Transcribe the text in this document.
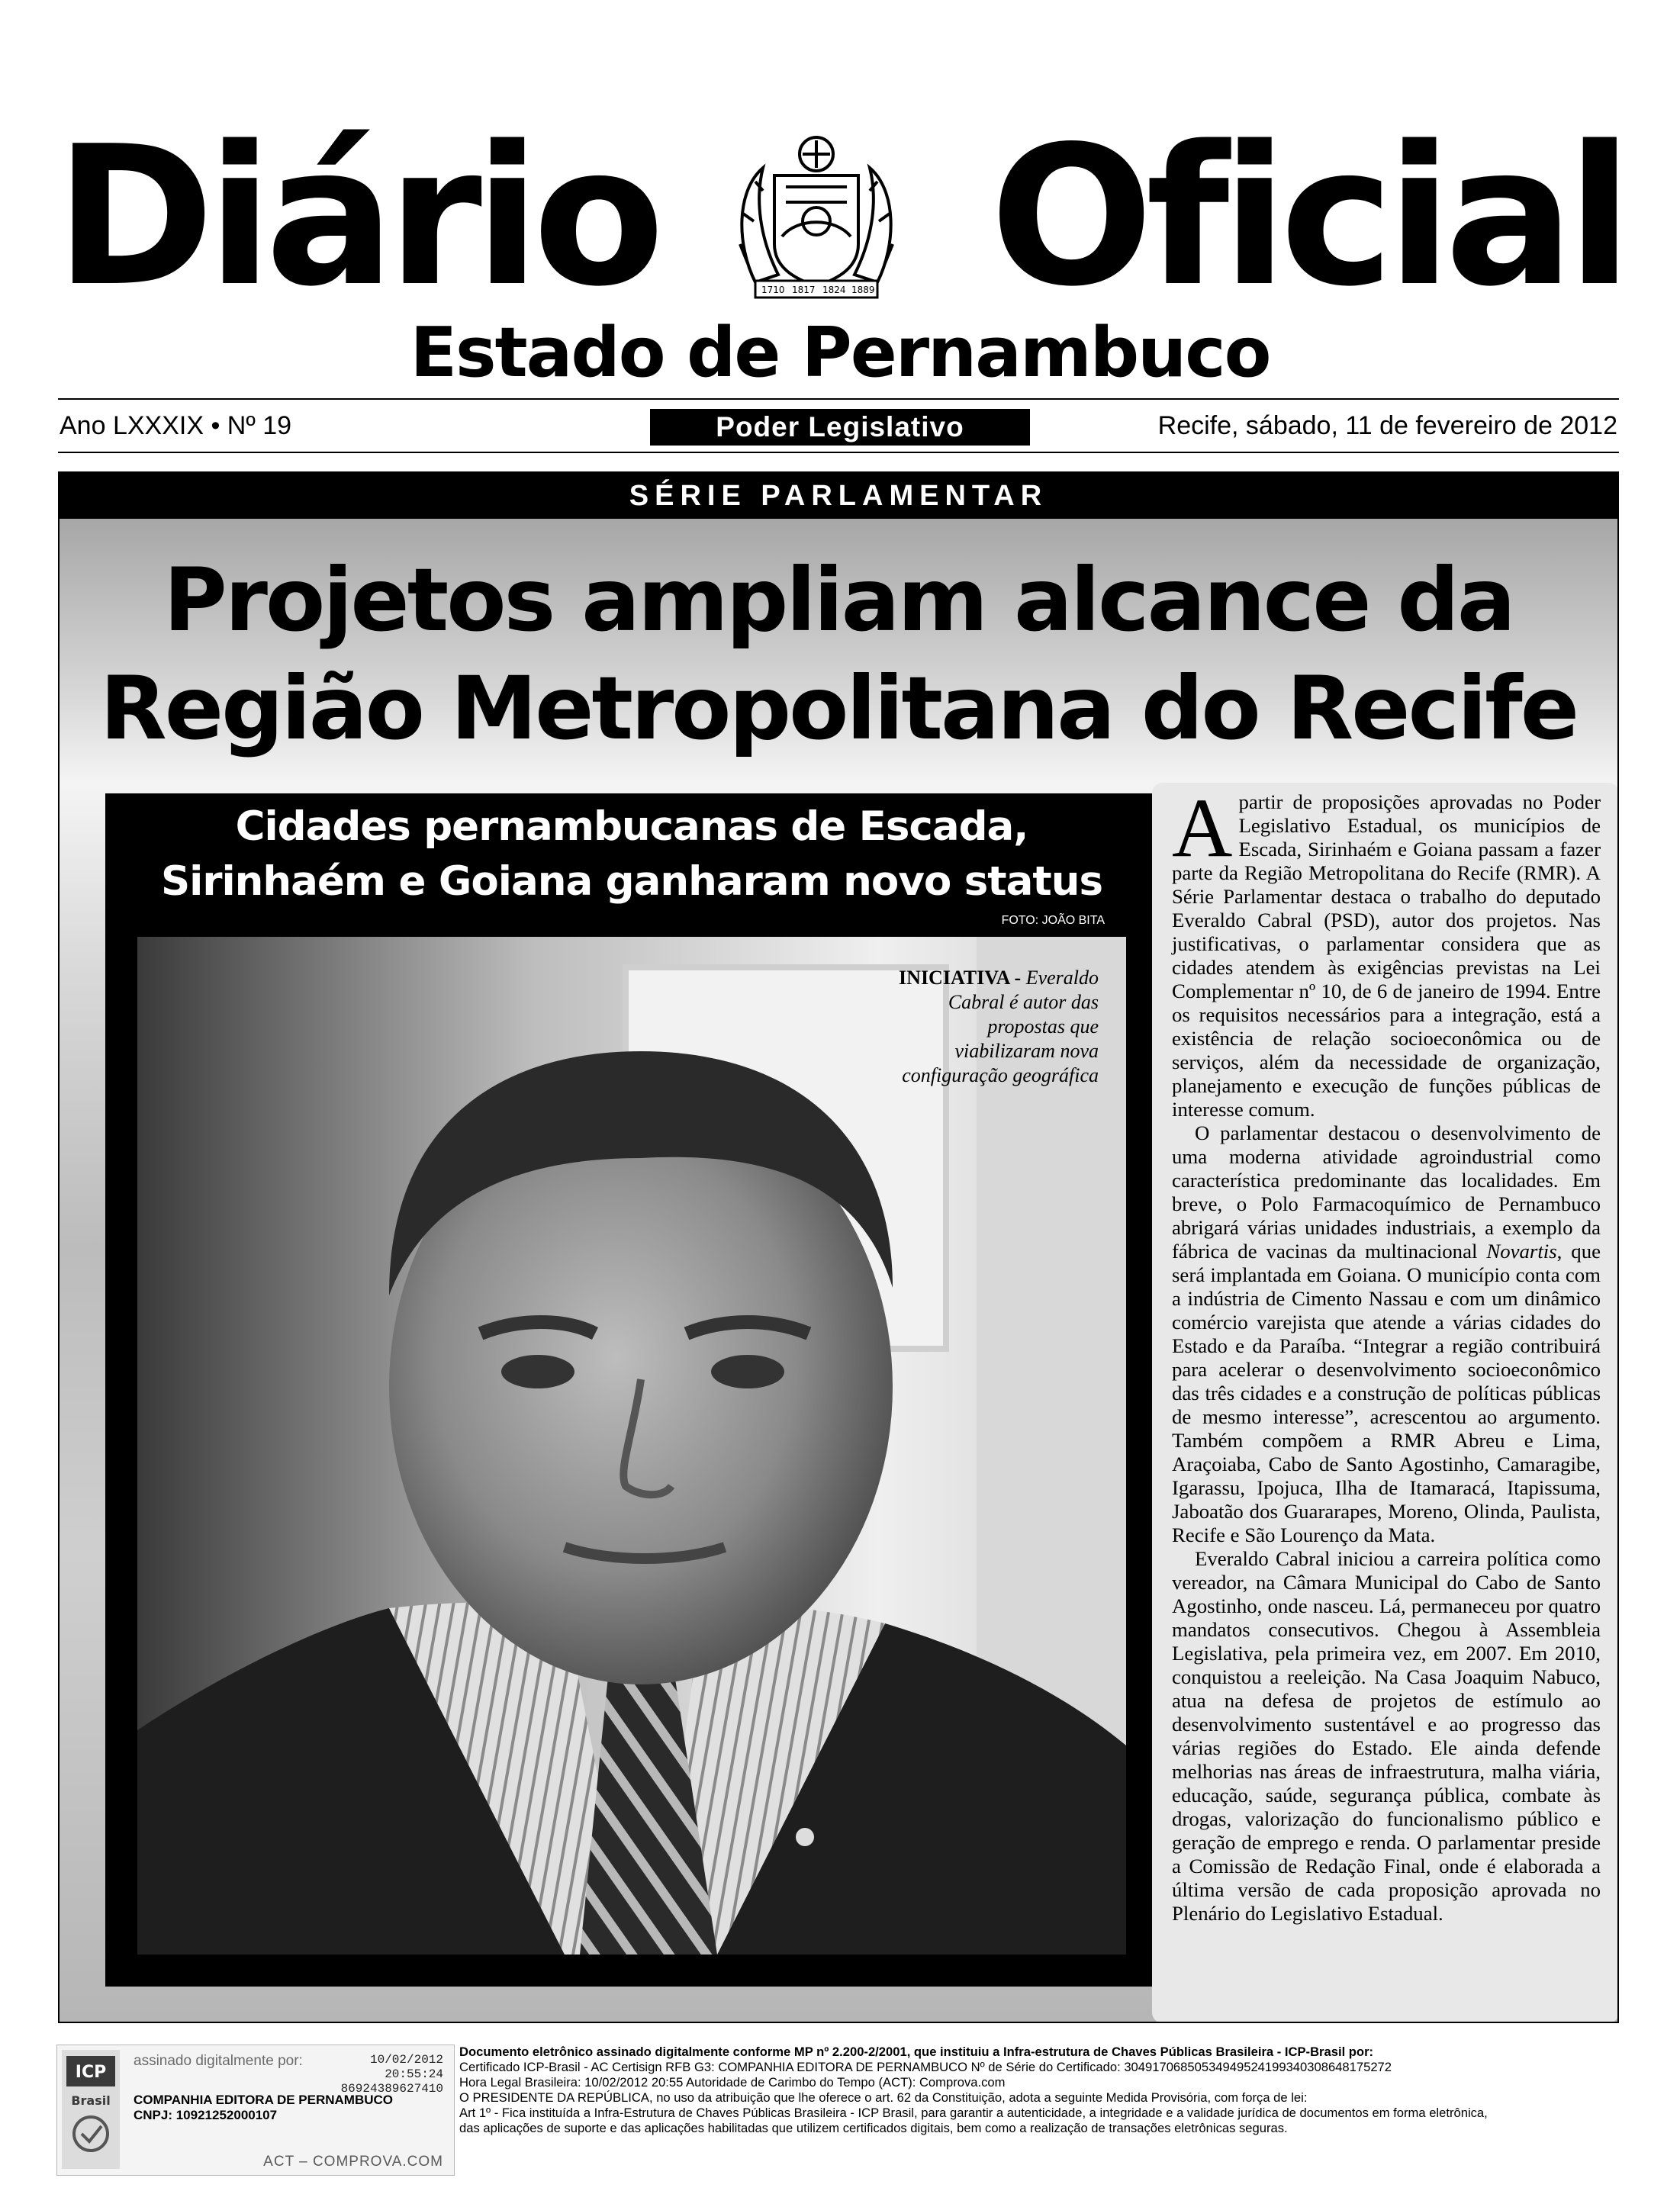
Diário	1710 1817 1824 1889 Oficial
Estado de Pernambuco
Ano LXXXIX • Nº 19	Poder Legislativo	Recife, sábado, 11 de fevereiro de 2012
SÉRIE PARLAMENTAR
Projetos ampliam alcance da
Região Metropolitana do Recife
Cidades pernambucanas de Escada,
Sirinhaém e Goiana ganharam novo status
FOTO: JOÃO BITA
INICIATIVA - Everaldo Cabral é autor das propostas que viabilizaram nova configuração geográfica
A partir de proposições aprovadas no Poder Legislativo Estadual, os municípios de Escada, Sirinhaém e Goiana passam a fazer parte da Região Metropolitana do Recife (RMR). A Série Parlamentar destaca o trabalho do deputado Everaldo Cabral (PSD), autor dos projetos. Nas justificativas, o parlamentar considera que as cidades atendem às exigências previstas na Lei Complementar nº 10, de 6 de janeiro de 1994. Entre os requisitos necessários para a integração, está a existência de relação socioeconômica ou de serviços, além da necessidade de organização, planejamento e execução de funções públicas de interesse comum.

O parlamentar destacou o desenvolvimento de uma moderna atividade agroindustrial como característica predominante das localidades. Em breve, o Polo Farmacoquímico de Pernambuco abrigará várias unidades industriais, a exemplo da fábrica de vacinas da multinacional Novartis, que será implantada em Goiana. O município conta com a indústria de Cimento Nassau e com um dinâmico comércio varejista que atende a várias cidades do Estado e da Paraíba. “Integrar a região contribuirá para acelerar o desenvolvimento socioeconômico das três cidades e a construção de políticas públicas de mesmo interesse”, acrescentou ao argumento. Também compõem a RMR Abreu e Lima, Araçoiaba, Cabo de Santo Agostinho, Camaragibe, Igarassu, Ipojuca, Ilha de Itamaracá, Itapissuma, Jaboatão dos Guararapes, Moreno, Olinda, Paulista, Recife e São Lourenço da Mata.

Everaldo Cabral iniciou a carreira política como vereador, na Câmara Municipal do Cabo de Santo Agostinho, onde nasceu. Lá, permaneceu por quatro mandatos consecutivos. Chegou à Assembleia Legislativa, pela primeira vez, em 2007. Em 2010, conquistou a reeleição. Na Casa Joaquim Nabuco, atua na defesa de projetos de estímulo ao desenvolvimento sustentável e ao progresso das várias regiões do Estado. Ele ainda defende melhorias nas áreas de infraestrutura, malha viária, educação, saúde, segurança pública, combate às drogas, valorização do funcionalismo público e geração de emprego e renda. O parlamentar preside a Comissão de Redação Final, onde é elaborada a última versão de cada proposição aprovada no Plenário do Legislativo Estadual.

ICP
Brasil
assinado digitalmente por:	10/02/2012
20:55:24
86924389627410
COMPANHIA EDITORA DE PERNAMBUCO
CNPJ: 10921252000107
ACT – COMPROVA.COM
Documento eletrônico assinado digitalmente conforme MP nº 2.200-2/2001, que instituiu a Infra-estrutura de Chaves Públicas Brasileira - ICP-Brasil por:
Certificado ICP-Brasil - AC Certisign RFB G3: COMPANHIA EDITORA DE PERNAMBUCO Nº de Série do Certificado: 3049170685053494952419934030864817527​2
Hora Legal Brasileira: 10/02/2012 20:55 Autoridade de Carimbo do Tempo (ACT): Comprova.com
O PRESIDENTE DA REPÚBLICA, no uso da atribuição que lhe oferece o art. 62 da Constituição, adota a seguinte Medida Provisória, com força de lei:
Art 1º - Fica instituída a Infra-Estrutura de Chaves Públicas Brasileira - ICP Brasil, para garantir a autenticidade, a integridade e a validade jurídica de documentos em forma eletrônica,
das aplicações de suporte e das aplicações habilitadas que utilizem certificados digitais, bem como a realização de transações eletrônicas seguras.
